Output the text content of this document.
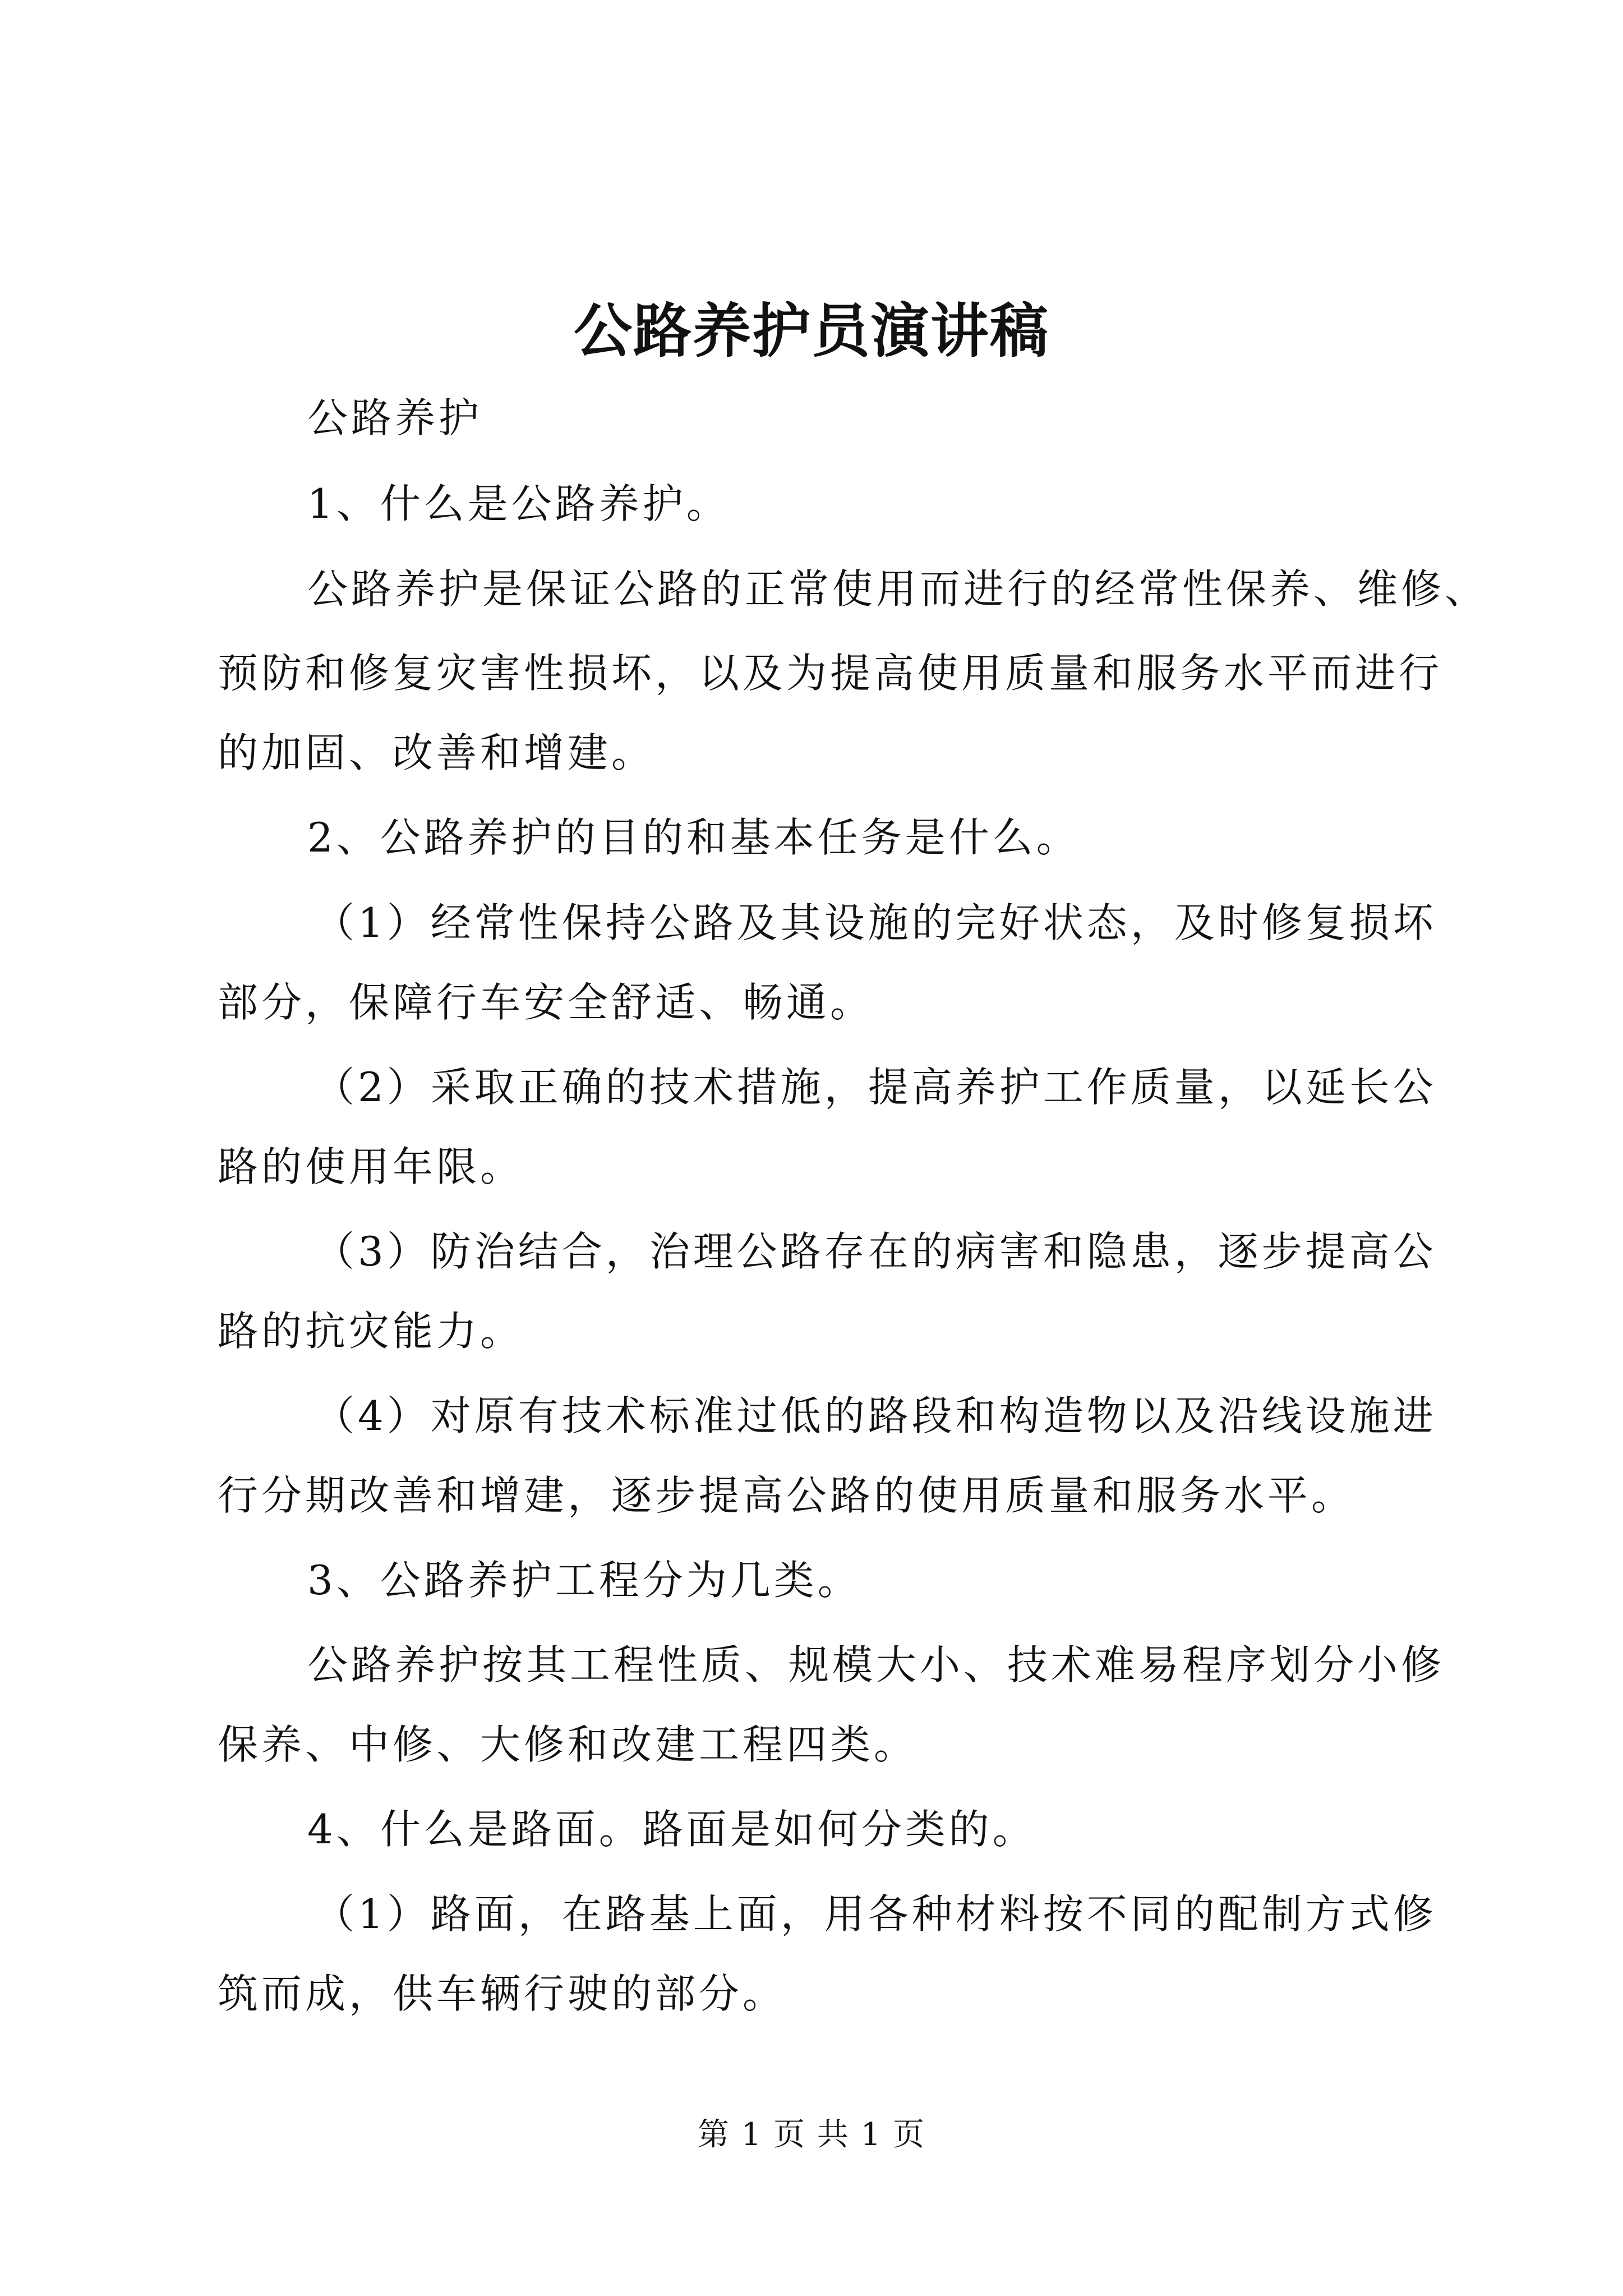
公路养护员演讲稿
公路养护
1、什么是公路养护。
公路养护是保证公路的正常使用而进行的经常性保养、维修、
预防和修复灾害性损坏，以及为提高使用质量和服务水平而进行
的加固、改善和增建。
2、公路养护的目的和基本任务是什么。
（1）经常性保持公路及其设施的完好状态，及时修复损坏
部分，保障行车安全舒适、畅通。
（2）采取正确的技术措施，提高养护工作质量，以延长公
路的使用年限。
（3）防治结合，治理公路存在的病害和隐患，逐步提高公
路的抗灾能力。
（4）对原有技术标准过低的路段和构造物以及沿线设施进
行分期改善和增建，逐步提高公路的使用质量和服务水平。
3、公路养护工程分为几类。
公路养护按其工程性质、规模大小、技术难易程序划分小修
保养、中修、大修和改建工程四类。
4、什么是路面。路面是如何分类的。
（1）路面，在路基上面，用各种材料按不同的配制方式修
筑而成，供车辆行驶的部分。
第 1 页 共 1 页
